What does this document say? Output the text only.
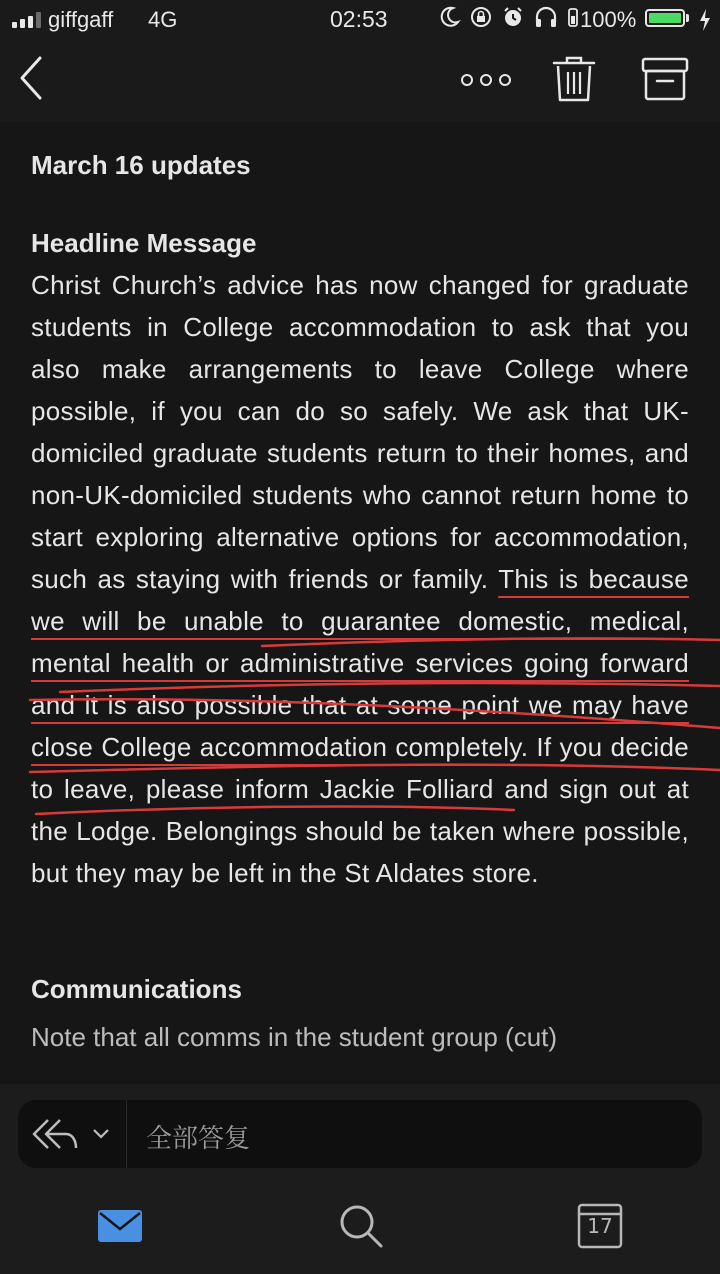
giffgaff 4G	02:53	100%
March 16 updates
Headline Message

Christ Church’s advice has now changed for graduate students in College accommodation to ask that you also make arrangements to leave College where possible, if you can do so safely. We ask that UK-domiciled graduate students return to their homes, and non-UK-domiciled students who cannot return home to start exploring alternative options for accommodation, such as staying with friends or family. This is because we will be unable to guarantee domestic, medical, mental health or administrative services going forward and it is also possible that at some point we may have close College accommodation completely. If you decide to leave, please inform Jackie Folliard and sign out at the Lodge. Belongings should be taken where possible, but they may be left in the St Aldates store.

Communications
Note that all comms in the student group (cut)
全部答复
17
